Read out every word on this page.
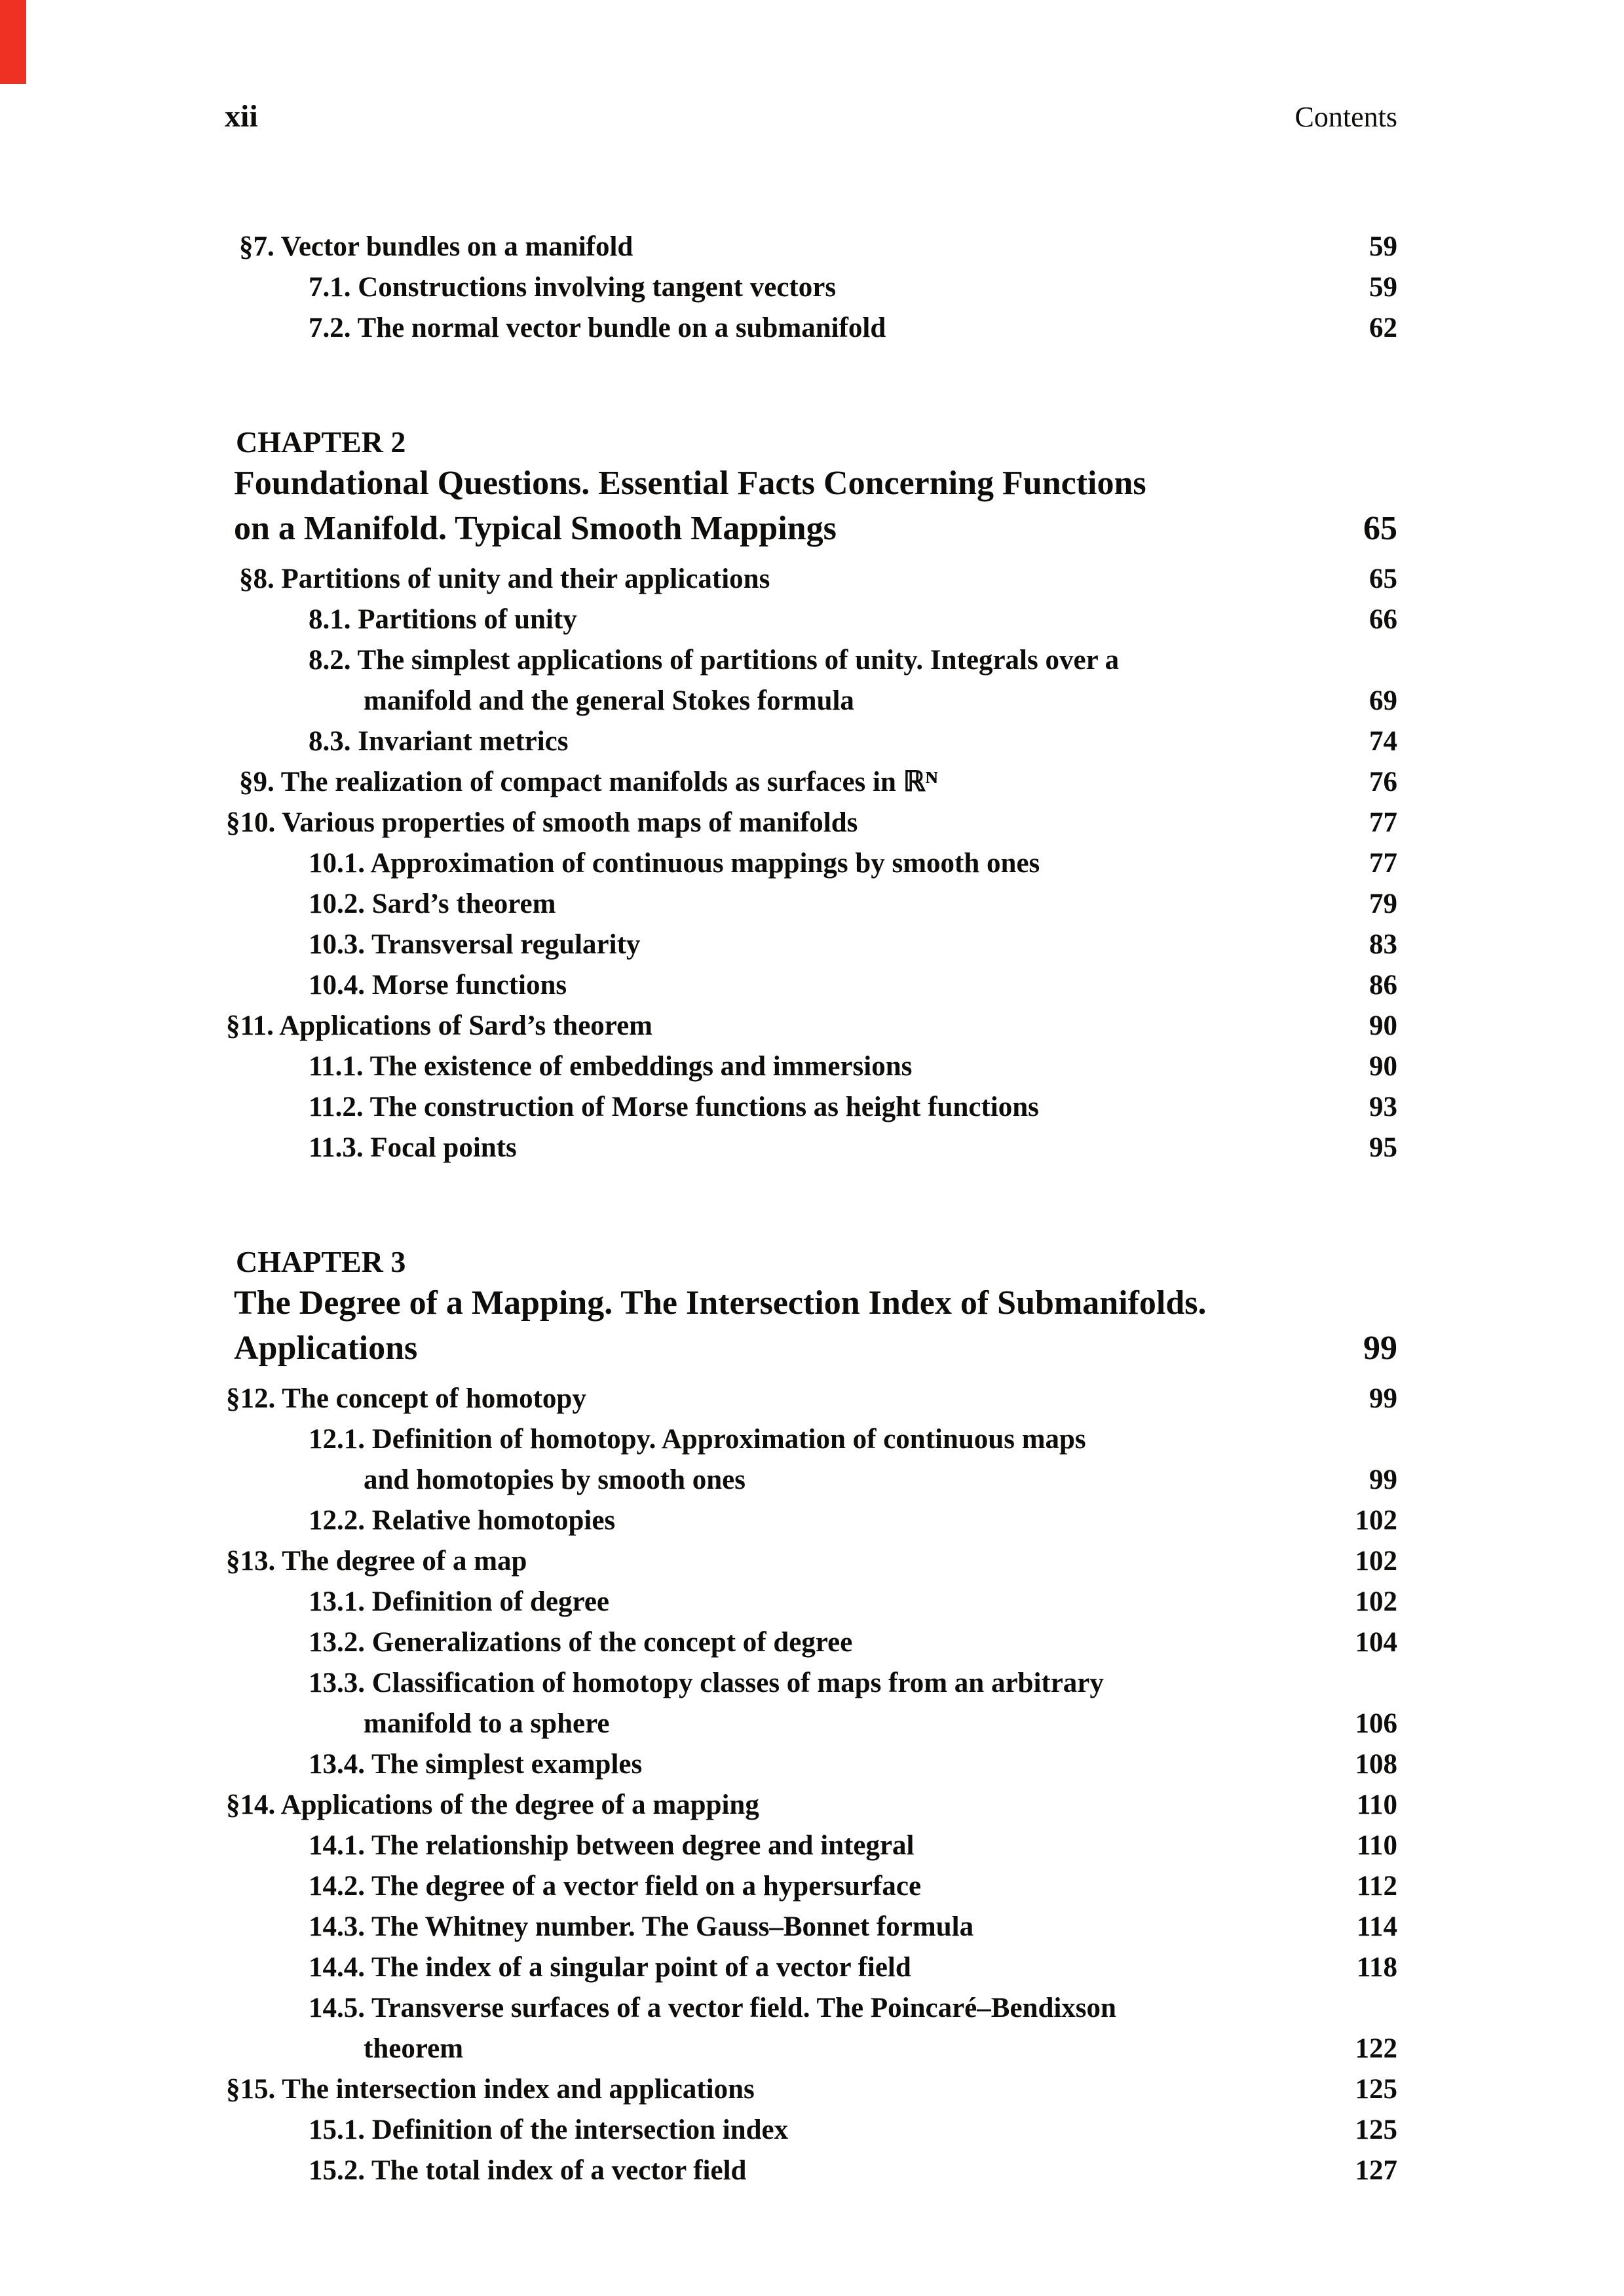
xii	Contents
§7. Vector bundles on a manifold	59
7.1. Constructions involving tangent vectors	59
7.2. The normal vector bundle on a submanifold	62
CHAPTER 2
Foundational Questions. Essential Facts Concerning Functions
on a Manifold. Typical Smooth Mappings	65
§8. Partitions of unity and their applications	65
8.1. Partitions of unity	66
8.2. The simplest applications of partitions of unity. Integrals over a
manifold and the general Stokes formula	69
8.3. Invariant metrics	74
§9. The realization of compact manifolds as surfaces in ℝᴺ	76
§10. Various properties of smooth maps of manifolds	77
10.1. Approximation of continuous mappings by smooth ones	77
10.2. Sard’s theorem	79
10.3. Transversal regularity	83
10.4. Morse functions	86
§11. Applications of Sard’s theorem	90
11.1. The existence of embeddings and immersions	90
11.2. The construction of Morse functions as height functions	93
11.3. Focal points	95
CHAPTER 3
The Degree of a Mapping. The Intersection Index of Submanifolds.
Applications	99
§12. The concept of homotopy	99
12.1. Definition of homotopy. Approximation of continuous maps
and homotopies by smooth ones	99
12.2. Relative homotopies	102
§13. The degree of a map	102
13.1. Definition of degree	102
13.2. Generalizations of the concept of degree	104
13.3. Classification of homotopy classes of maps from an arbitrary
manifold to a sphere	106
13.4. The simplest examples	108
§14. Applications of the degree of a mapping	110
14.1. The relationship between degree and integral	110
14.2. The degree of a vector field on a hypersurface	112
14.3. The Whitney number. The Gauss–Bonnet formula	114
14.4. The index of a singular point of a vector field	118
14.5. Transverse surfaces of a vector field. The Poincaré–Bendixson
theorem	122
§15. The intersection index and applications	125
15.1. Definition of the intersection index	125
15.2. The total index of a vector field	127
